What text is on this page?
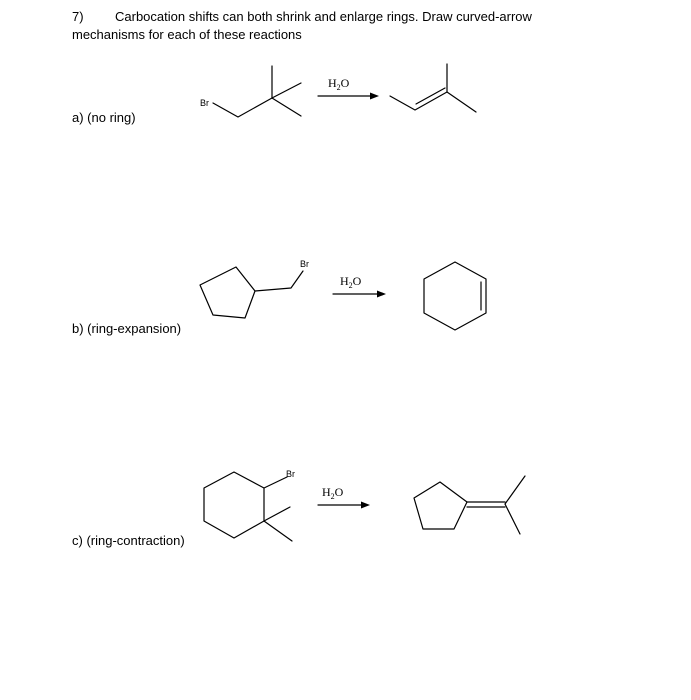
7) Carbocation shifts can both shrink and enlarge rings. Draw curved-arrow
mechanisms for each of these reactions
a) (no ring)
b) (ring-expansion)
c) (ring-contraction)
Br
$H_2O$
Br
$H_2O$
Br
$H_2O$
